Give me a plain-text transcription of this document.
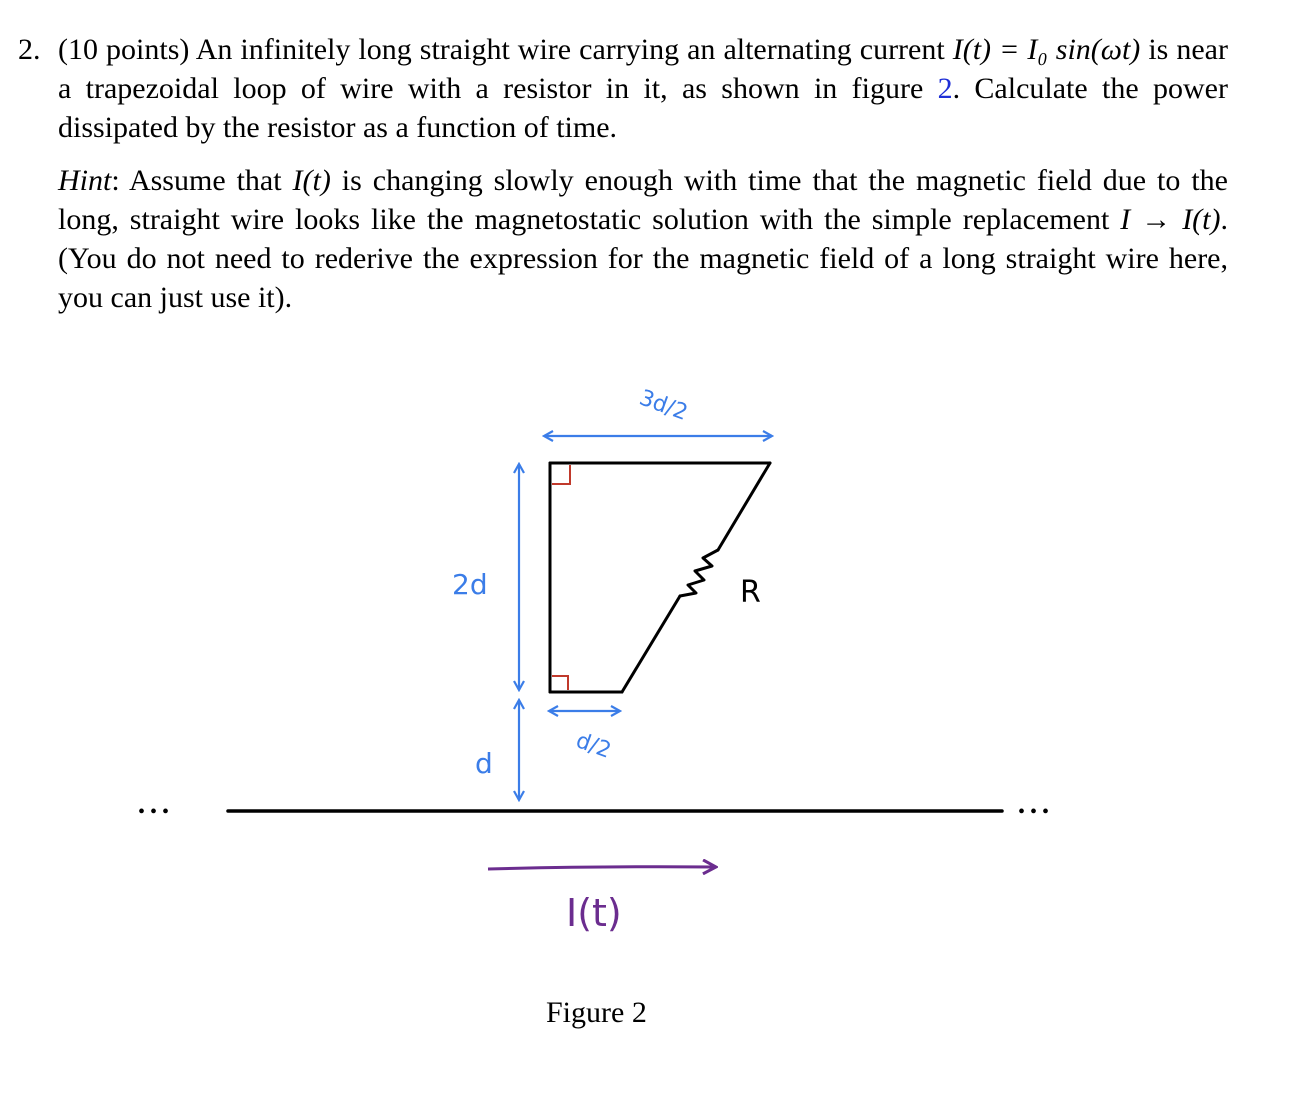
2. (10 points) An infinitely long straight wire carrying an alternating current I(t) = I₀ sin(ωt) is near a trapezoidal loop of wire with a resistor in it, as shown in figure 2. Calculate the power dissipated by the resistor as a function of time.
Hint: Assume that I(t) is changing slowly enough with time that the magnetic field due to the long, straight wire looks like the magnetostatic solution with the simple replacement I → I(t). (You do not need to rederive the expression for the magnetic field of a long straight wire here, you can just use it).
3d/2
2d
d	d/2
R
• • •	• • •
I(t)
Figure 2
